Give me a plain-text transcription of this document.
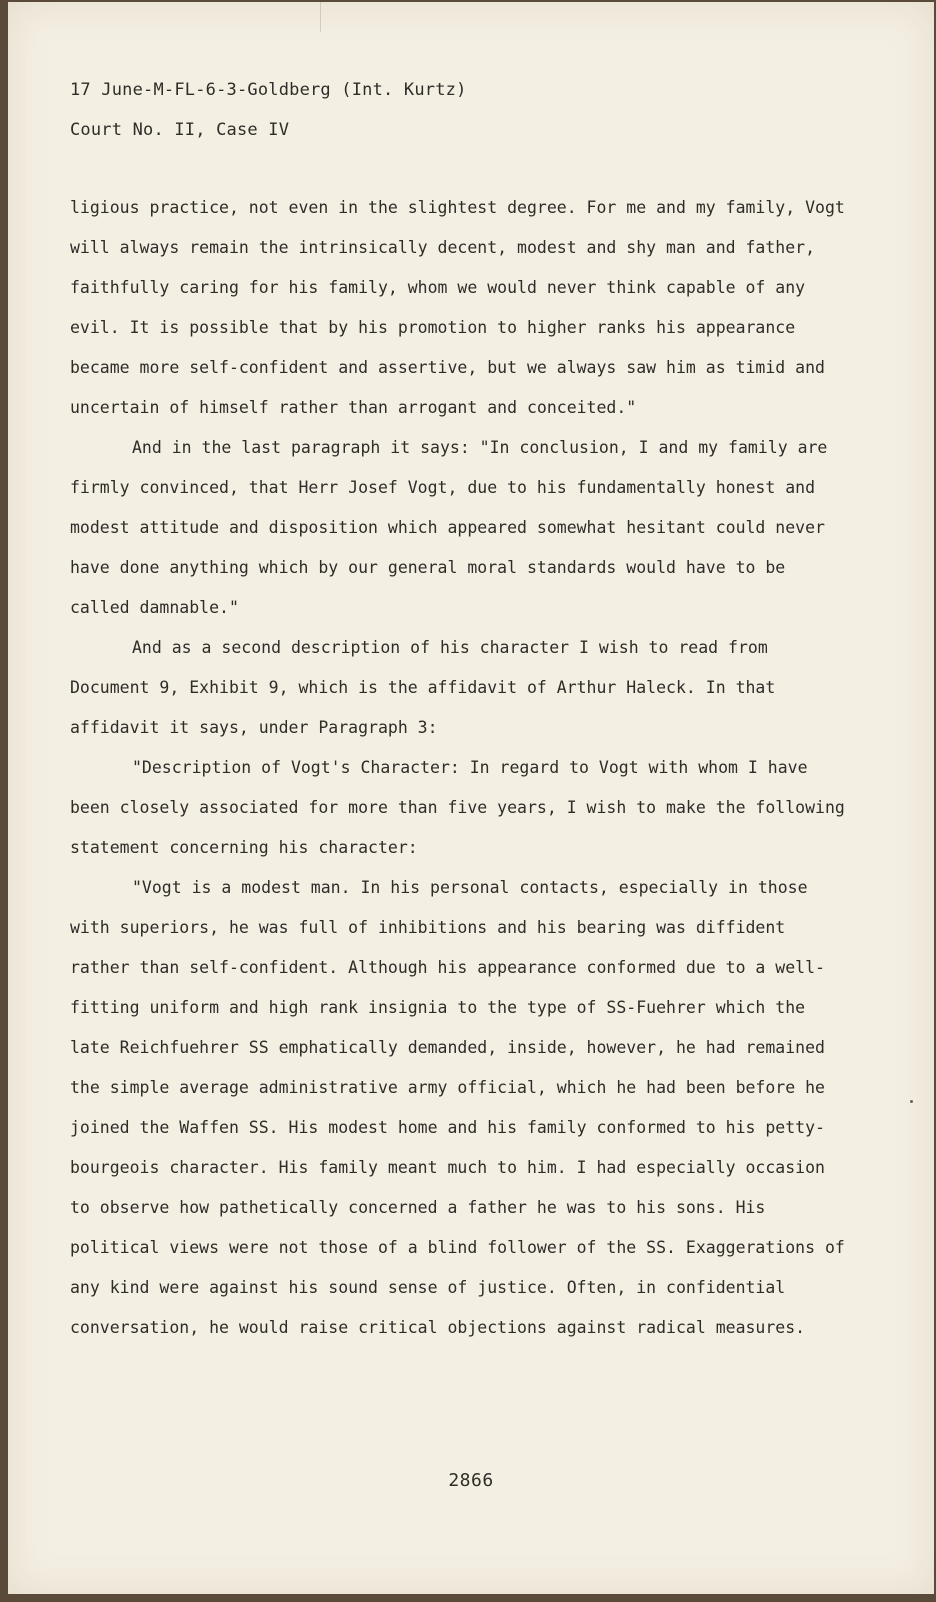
17 June-M-FL-6-3-Goldberg (Int. Kurtz)
Court No. II, Case IV

ligious practice, not even in the slightest degree. For me and my family, Vogt will always remain the intrinsically decent, modest and shy man and father, faithfully caring for his family, whom we would never think capable of any evil. It is possible that by his promotion to higher ranks his appearance became more self-confident and assertive, but we always saw him as timid and uncertain of himself rather than arrogant and conceited."

And in the last paragraph it says: "In conclusion, I and my family are firmly convinced, that Herr Josef Vogt, due to his fundamentally honest and modest attitude and disposition which appeared somewhat hesitant could never have done anything which by our general moral standards would have to be called damnable."

And as a second description of his character I wish to read from Document 9, Exhibit 9, which is the affidavit of Arthur Haleck. In that affidavit it says, under Paragraph 3:

"Description of Vogt's Character: In regard to Vogt with whom I have been closely associated for more than five years, I wish to make the following statement concerning his character:

"Vogt is a modest man. In his personal contacts, especially in those with superiors, he was full of inhibitions and his bearing was diffident rather than self-confident. Although his appearance conformed due to a well-fitting uniform and high rank insignia to the type of SS-Fuehrer which the late Reichfuehrer SS emphatically demanded, inside, however, he had remained the simple average administrative army official, which he had been before he joined the Waffen SS. His modest home and his family conformed to his petty-bourgeois character. His family meant much to him. I had especially occasion to observe how pathetically concerned a father he was to his sons. His political views were not those of a blind follower of the SS. Exaggerations of any kind were against his sound sense of justice. Often, in confidential conversation, he would raise critical objections against radical measures.

2866
